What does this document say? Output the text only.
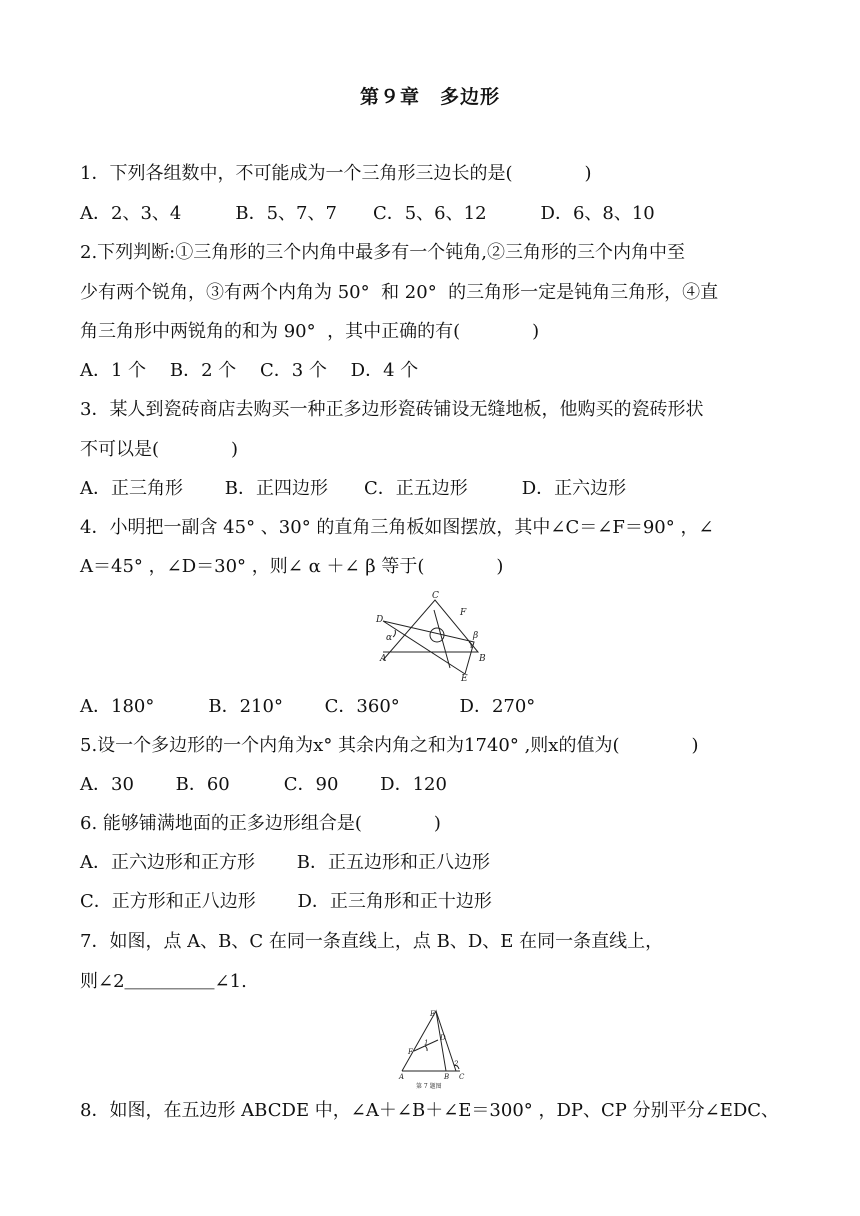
第９章　多边形
1．下列各组数中，不可能成为一个三角形三边长的是(　　　　)
A．2、3、4　　　B．5、7、7　　C．5、6、12　　　D．6、8、10
2.下列判断:①三角形的三个内角中最多有一个钝角,②三角形的三个内角中至
少有两个锐角，③有两个内角为 50°  和 20°  的三角形一定是钝角三角形，④直
角三角形中两锐角的和为 90°  ，其中正确的有(　　　　)
A．1 个　 B．2 个　 C．3 个　 D．4 个
3．某人到瓷砖商店去购买一种正多边形瓷砖铺设无缝地板，他购买的瓷砖形状
不可以是(　　　　)
A．正三角形　　 B．正四边形　　C．正五边形　　　D．正六边形
4．小明把一副含 45° 、30° 的直角三角板如图摆放，其中∠C＝∠F＝90° ，∠
A＝45° ，∠D＝30° ，则∠ α ＋∠ β 等于(　　　　)
C
F
D
α	β
A	B
E
A．180°　　　B．210°　　 C．360°　　　 D．270°
5.设一个多边形的一个内角为x° 其余内角之和为1740° ,则x的值为(　　　　)
A．30　　 B．60　　　C．90　　 D．120
6. 能够铺满地面的正多边形组合是(　　　　)
A．正六边形和正方形　　 B．正五边形和正八边形
C．正方形和正八边形　　 D．正三角形和正十边形
7．如图，点 A、B、C 在同一条直线上，点 B、D、E 在同一条直线上，
则∠2＿＿＿＿＿∠1.
E
D
F
1
2
A	B C
第 7 题图
8．如图，在五边形 ABCDE 中，∠A＋∠B＋∠E＝300° ，DP、CP 分别平分∠EDC、
